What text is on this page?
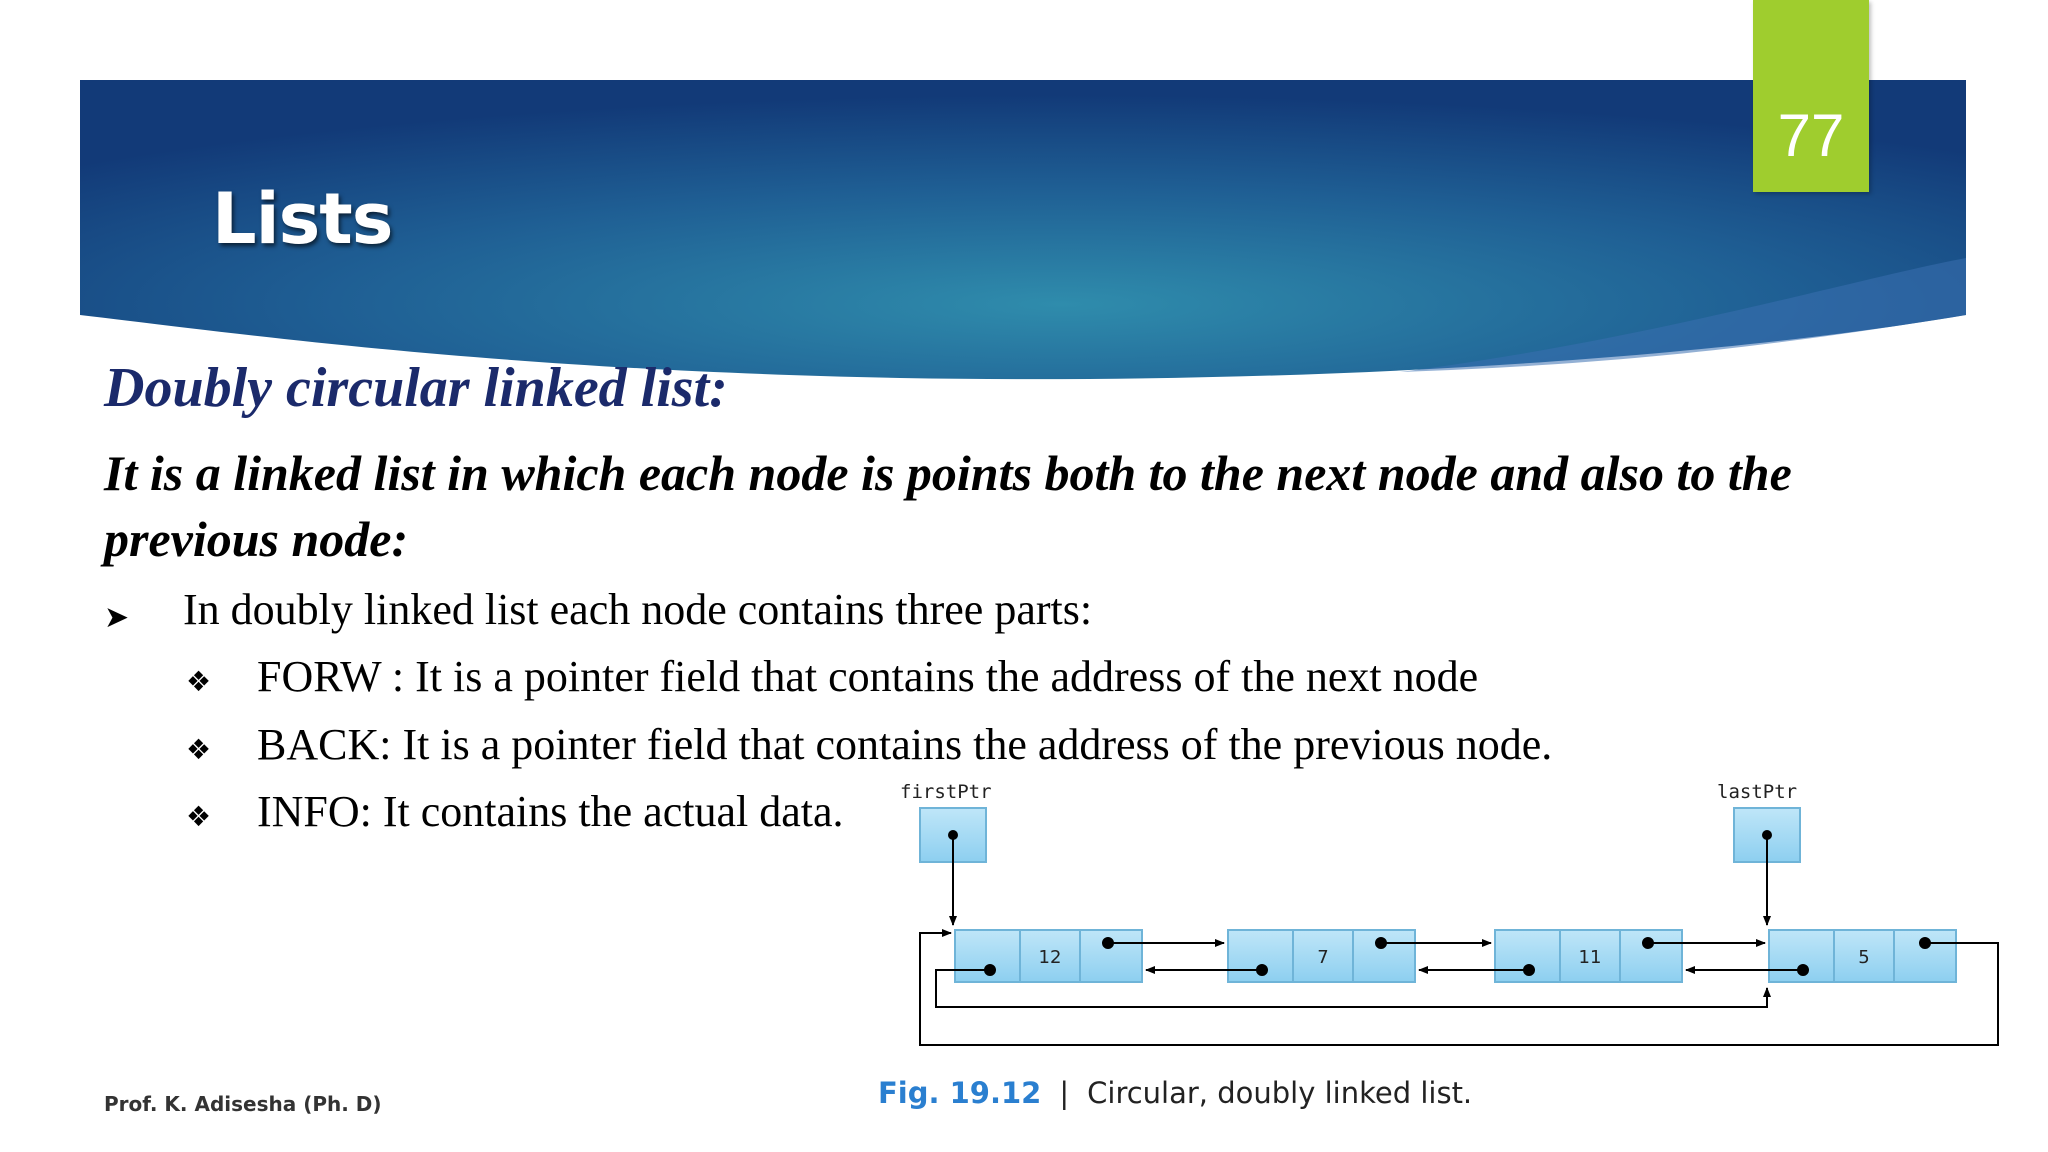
77
Lists
Doubly circular linked list:
It is a linked list in which each node is points both to the next node and also to the previous node:
➤ In doubly linked list each node contains three parts:
❖ FORW : It is a pointer field that contains the address of the next node
❖ BACK: It is a pointer field that contains the address of the previous node.
❖ INFO: It contains the actual data.	firstPtr	lastPtr
12	7	11	5
Fig. 19.12 | Circular, doubly linked list.
Prof. K. Adisesha (Ph. D)
